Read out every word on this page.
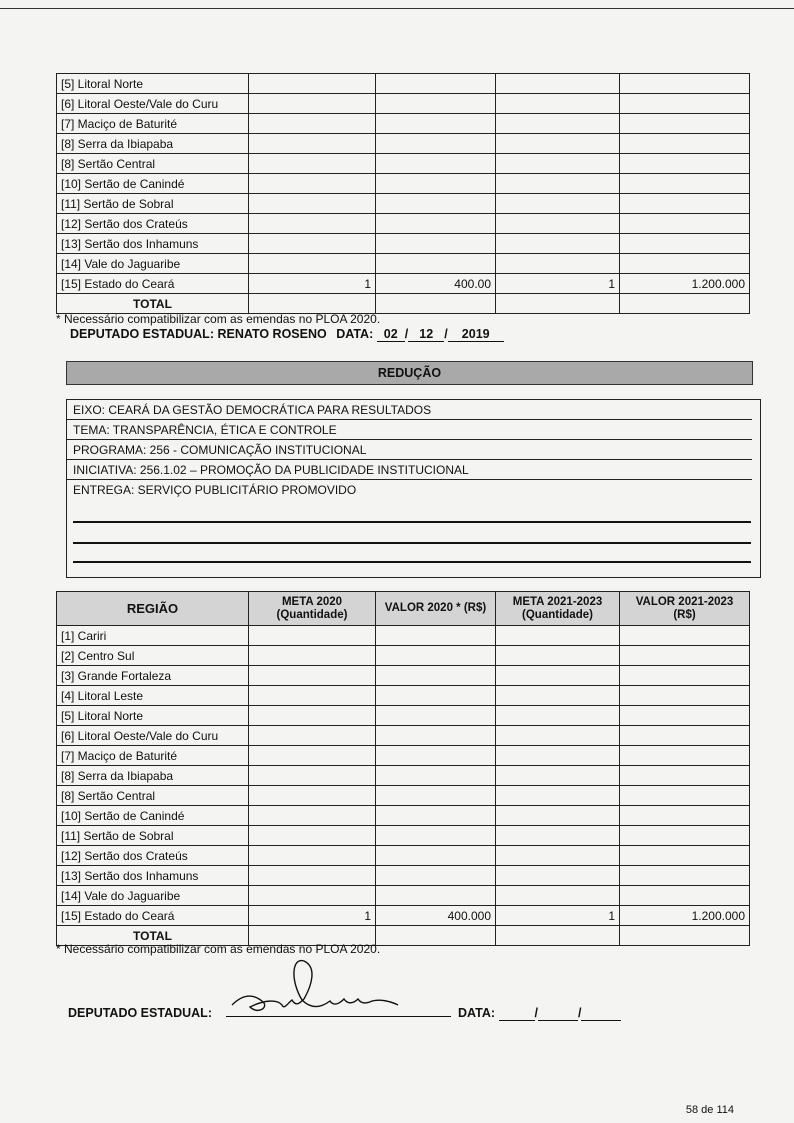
[5] Litoral Norte				
[6] Litoral Oeste/Vale do Curu				
[7] Maciço de Baturité				
[8] Serra da Ibiapaba				
[8] Sertão Central				
[10] Sertão de Canindé				
[11] Sertão de Sobral				
[12] Sertão dos Crateús				
[13] Sertão dos Inhamuns				
[14] Vale do Jaguaribe				
[15] Estado do Ceará	1	400.00	1	1.200.000
TOTAL				
* Necessário compatibilizar com as emendas no PLOA 2020.
DEPUTADO ESTADUAL: RENATO ROSENO DATA: 02 / 12 / 2019
REDUÇÃO
EIXO: CEARÁ DA GESTÃO DEMOCRÁTICA PARA RESULTADOS
TEMA: TRANSPARÊNCIA, ÉTICA E CONTROLE
PROGRAMA: 256 - COMUNICAÇÃO INSTITUCIONAL
INICIATIVA: 256.1.02 – PROMOÇÃO DA PUBLICIDADE INSTITUCIONAL
ENTREGA: SERVIÇO PUBLICITÁRIO PROMOVIDO
REGIÃO	META 2020 (Quantidade)	VALOR 2020 * (R$)	META 2021-2023 (Quantidade)	VALOR 2021-2023 (R$)
[1] Cariri				
[2] Centro Sul				
[3] Grande Fortaleza				
[4] Litoral Leste				
[5] Litoral Norte				
[6] Litoral Oeste/Vale do Curu				
[7] Maciço de Baturité				
[8] Serra da Ibiapaba				
[8] Sertão Central				
[10] Sertão de Canindé				
[11] Sertão de Sobral				
[12] Sertão dos Crateús				
[13] Sertão dos Inhamuns				
[14] Vale do Jaguaribe				
[15] Estado do Ceará	1	400.000	1	1.200.000
TOTAL				
* Necessário compatibilizar com as emendas no PLOA 2020.
DEPUTADO ESTADUAL:	DATA:	/	/
58 de 114
